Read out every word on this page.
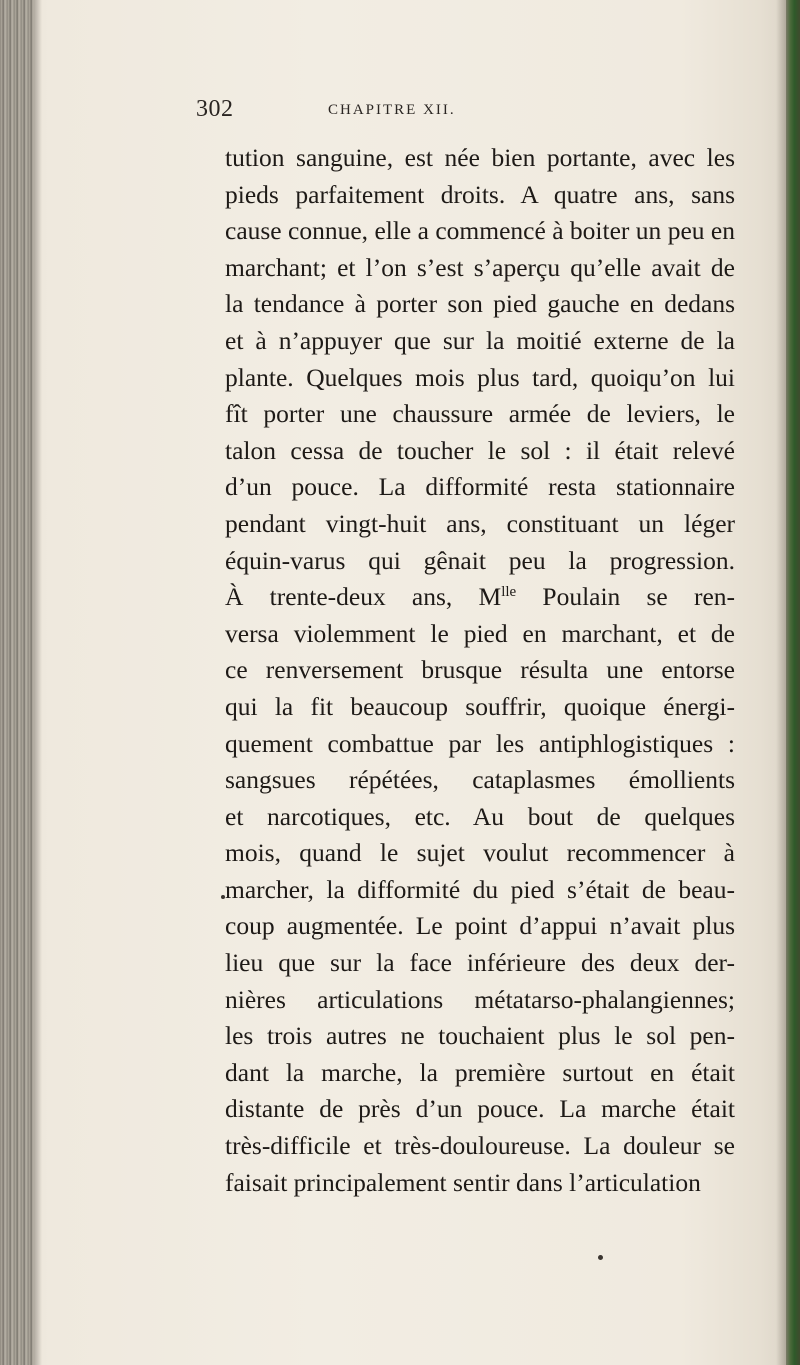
302	CHAPITRE XII.
tution sanguine, est née bien portante, avec les
pieds parfaitement droits. A quatre ans, sans
cause connue, elle a commencé à boiter un peu en
marchant; et l’on s’est s’aperçu qu’elle avait de
la tendance à porter son pied gauche en dedans
et à n’appuyer que sur la moitié externe de la
plante. Quelques mois plus tard, quoiqu’on lui
fît porter une chaussure armée de leviers, le
talon cessa de toucher le sol : il était relevé
d’un pouce. La difformité resta stationnaire
pendant vingt-huit ans, constituant un léger
équin-varus qui gênait peu la progression.
À trente-deux ans, $M^{lle}$ Poulain se ren-
versa violemment le pied en marchant, et de
ce renversement brusque résulta une entorse
qui la fit beaucoup souffrir, quoique énergi-
quement combattue par les antiphlogistiques :
sangsues répétées, cataplasmes émollients
et narcotiques, etc. Au bout de quelques
mois, quand le sujet voulut recommencer à
marcher, la difformité du pied s’était de beau-
coup augmentée. Le point d’appui n’avait plus
lieu que sur la face inférieure des deux der-
nières articulations métatarso-phalangiennes;
les trois autres ne touchaient plus le sol pen-
dant la marche, la première surtout en était
distante de près d’un pouce. La marche était
très-difficile et très-douloureuse. La douleur se
faisait principalement sentir dans l’articulation
